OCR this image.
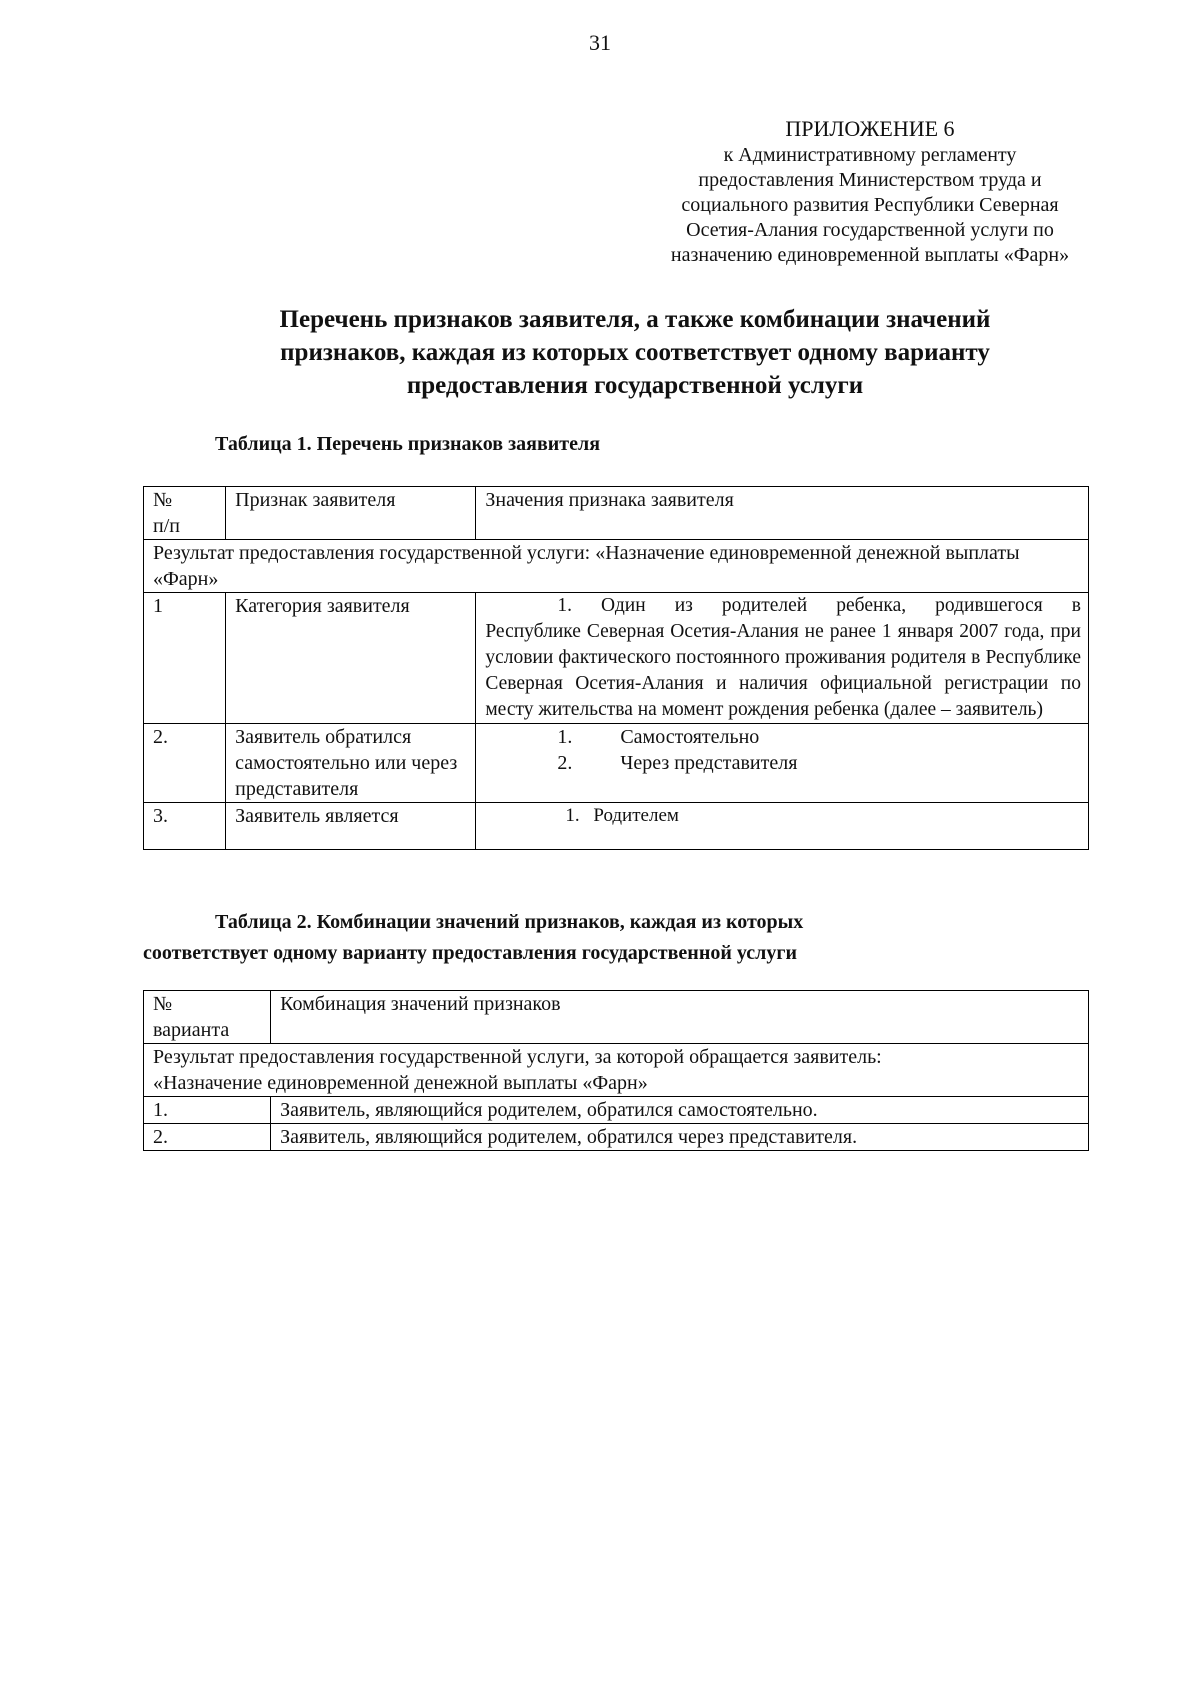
31
ПРИЛОЖЕНИЕ 6
к Административному регламенту
предоставления Министерством труда и
социального развития Республики Северная
Осетия-Алания государственной услуги по
назначению единовременной выплаты «Фарн»
Перечень признаков заявителя, а также комбинации значений
признаков, каждая из которых соответствует одному варианту
предоставления государственной услуги
Таблица 1. Перечень признаков заявителя
№
п/п	Признак заявителя	Значения признака заявителя
Результат предоставления государственной услуги: «Назначение единовременной денежной выплаты «Фарн»		
1	Категория заявителя	1. Один из родителей ребенка, родившегося в
Республике Северная Осетия-Алания не ранее 1 января 2007 года, при условии фактического постоянного проживания родителя в Республике Северная Осетия-Алания и наличия официальной регистрации по месту жительства на момент рождения ребенка (далее – заявитель)
2.	Заявитель обратился самостоятельно или через представителя	1. Самостоятельно
2. Через представителя

3.	Заявитель является	1. Родителем
Таблица 2. Комбинации значений признаков, каждая из которых
соответствует одному варианту предоставления государственной услуги
№
варианта	Комбинация значений признаков

Результат предоставления государственной услуги, за которой обращается заявитель:
«Назначение единовременной денежной выплаты «Фарн»	

1.	Заявитель, являющийся родителем, обратился самостоятельно.
2.	Заявитель, являющийся родителем, обратился через представителя.
